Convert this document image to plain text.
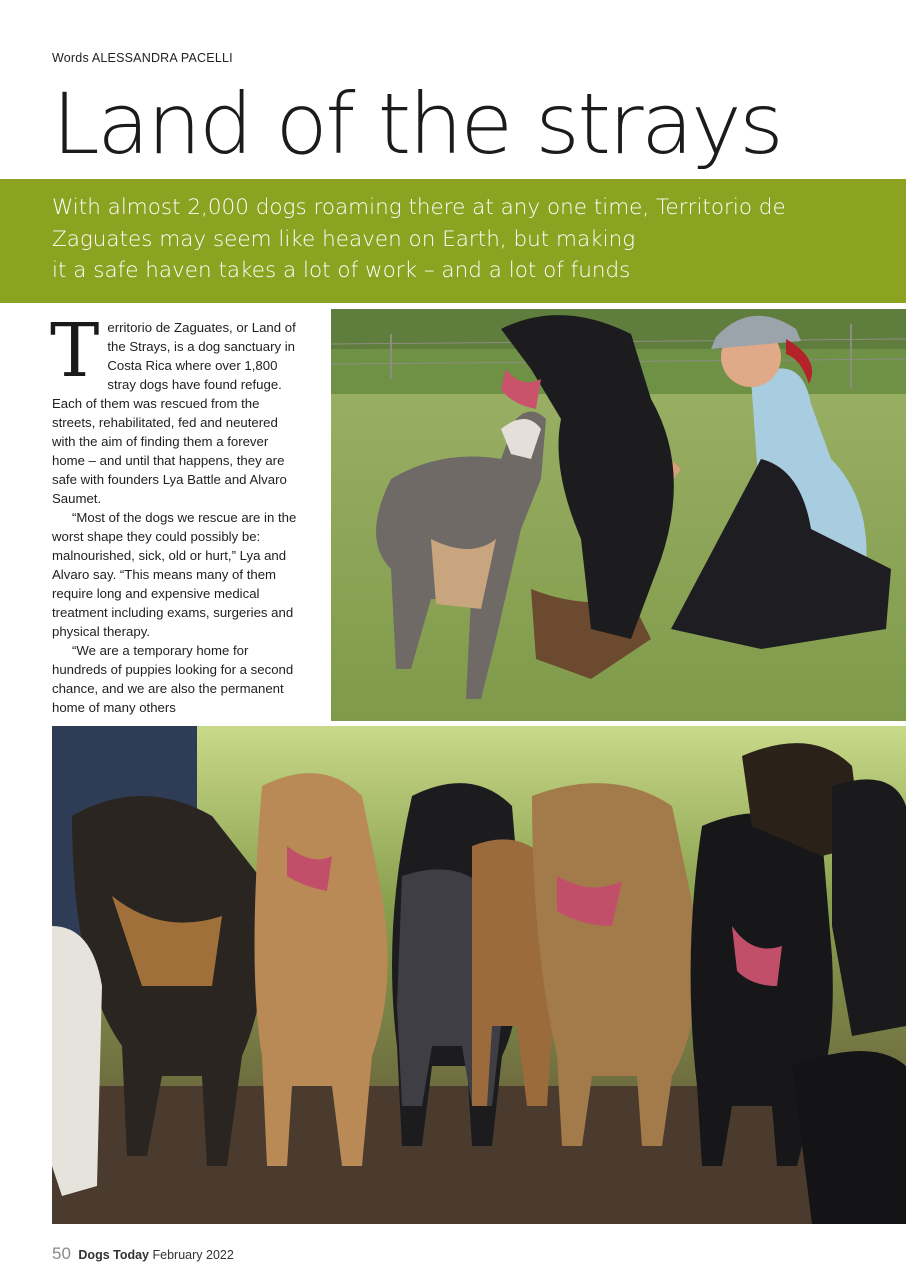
Words ALESSANDRA PACELLI
Land of the strays
With almost 2,000 dogs roaming there at any one time, Territorio de
Zaguates may seem like heaven on Earth, but making
it a safe haven takes a lot of work – and a lot of funds

Territorio de Zaguates, or Land of the Strays, is a dog sanctuary in Costa Rica where over 1,800 stray dogs have found refuge. Each of them was rescued from the streets, rehabilitated, fed and neutered with the aim of finding them a forever home – and until that happens, they are safe with founders Lya Battle and Alvaro Saumet.

“Most of the dogs we rescue are in the worst shape they could possibly be: malnourished, sick, old or hurt,” Lya and Alvaro say. “This means many of them require long and expensive medical treatment including exams, surgeries and physical therapy.

“We are a temporary home for hundreds of puppies looking for a second chance, and we are also the permanent home of many others

50 Dogs Today February 2022
